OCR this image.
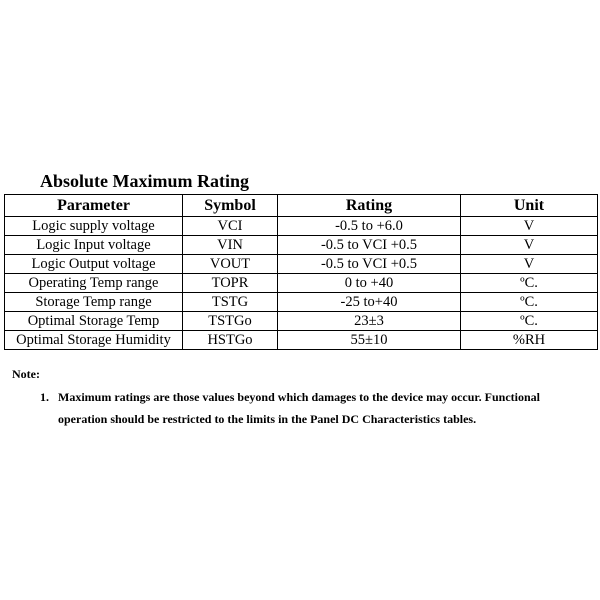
Absolute Maximum Rating
Parameter	Symbol	Rating	Unit
Logic supply voltage	VCI	-0.5 to +6.0	V
Logic Input voltage	VIN	-0.5 to VCI +0.5	V
Logic Output voltage	VOUT	-0.5 to VCI +0.5	V
Operating Temp range	TOPR	0 to +40	ºC.
Storage Temp range	TSTG	-25 to+40	ºC.
Optimal Storage Temp	TSTGo	23±3	ºC.
Optimal Storage Humidity	HSTGo	55±10	%RH
Note:
1. Maximum ratings are those values beyond which damages to the device may occur. Functional
operation should be restricted to the limits in the Panel DC Characteristics tables.
